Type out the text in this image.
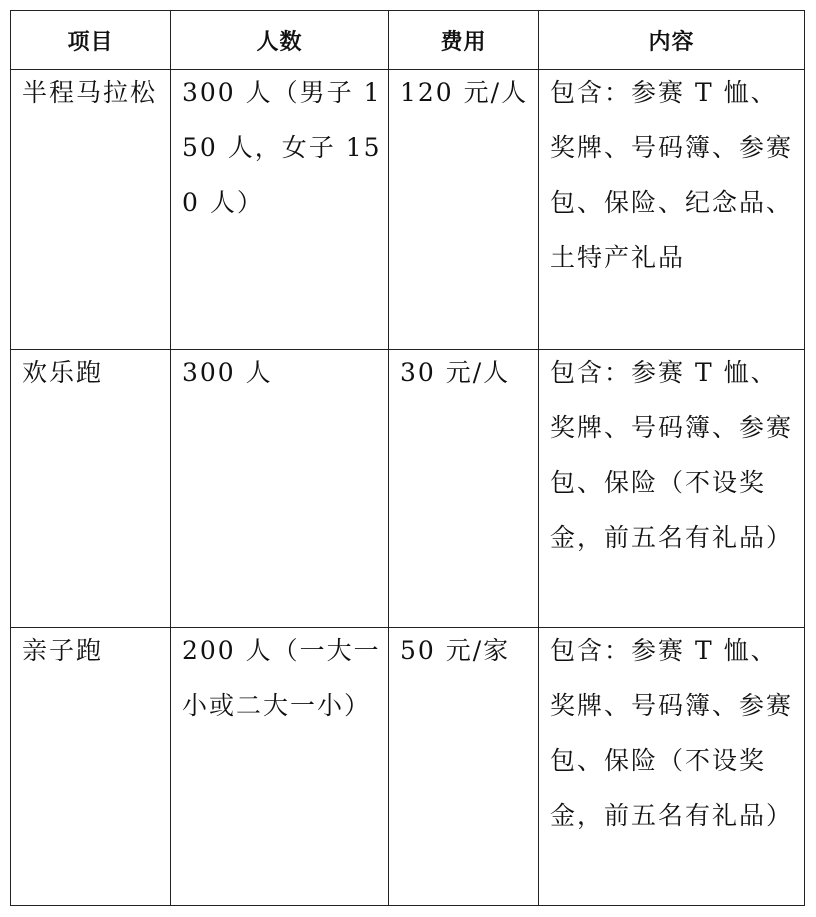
项目	人数	费用	内容

半程马拉松	300 人（男子 150 人，女子 150 人）	120 元/人	包含：参赛 T 恤、奖牌、号码簿、参赛包、保险、纪念品、土特产礼品

欢乐跑	300 人	30 元/人	包含：参赛 T 恤、奖牌、号码簿、参赛包、保险（不设奖金，前五名有礼品）

亲子跑	200 人（一大一小或二大一小）	50 元/家	包含：参赛 T 恤、奖牌、号码簿、参赛包、保险（不设奖金，前五名有礼品）
